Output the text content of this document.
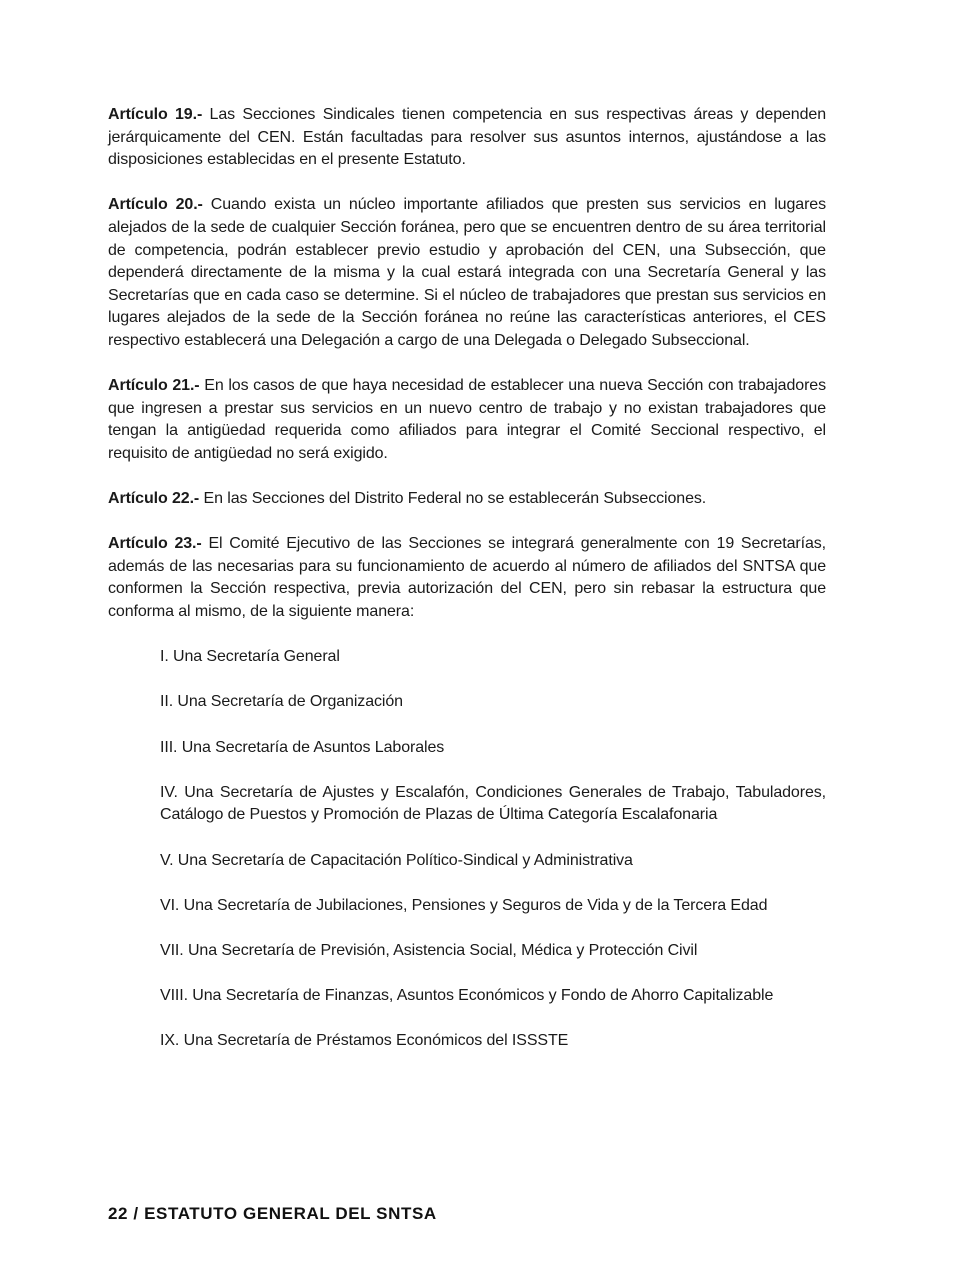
Artículo 19.- Las Secciones Sindicales tienen competencia en sus respectivas áreas y dependen jerárquicamente del CEN. Están facultadas para resolver sus asuntos internos, ajustándose a las disposiciones establecidas en el presente Estatuto.

Artículo 20.- Cuando exista un núcleo importante afiliados que presten sus servicios en lugares alejados de la sede de cualquier Sección foránea, pero que se encuentren dentro de su área territorial de competencia, podrán establecer previo estudio y aprobación del CEN, una Subsección, que dependerá directamente de la misma y la cual estará integrada con una Secretaría General y las Secretarías que en cada caso se determine. Si el núcleo de trabajadores que prestan sus servicios en lugares alejados de la sede de la Sección foránea no reúne las características anteriores, el CES respectivo establecerá una Delegación a cargo de una Delegada o Delegado Subseccional.

Artículo 21.- En los casos de que haya necesidad de establecer una nueva Sección con trabajadores que ingresen a prestar sus servicios en un nuevo centro de trabajo y no existan trabajadores que tengan la antigüedad requerida como afiliados para integrar el Comité Seccional respectivo, el requisito de antigüedad no será exigido.

Artículo 22.- En las Secciones del Distrito Federal no se establecerán Subsecciones.

Artículo 23.- El Comité Ejecutivo de las Secciones se integrará generalmente con 19 Secretarías, además de las necesarias para su funcionamiento de acuerdo al número de afiliados del SNTSA que conformen la Sección respectiva, previa autorización del CEN, pero sin rebasar la estructura que conforma al mismo, de la siguiente manera:

I. Una Secretaría General

II. Una Secretaría de Organización

III. Una Secretaría de Asuntos Laborales

IV. Una Secretaría de Ajustes y Escalafón, Condiciones Generales de Trabajo, Tabuladores, Catálogo de Puestos y Promoción de Plazas de Última Categoría Escalafonaria

V. Una Secretaría de Capacitación Político-Sindical y Administrativa

VI. Una Secretaría de Jubilaciones, Pensiones y Seguros de Vida y de la Tercera Edad

VII. Una Secretaría de Previsión, Asistencia Social, Médica y Protección Civil

VIII. Una Secretaría de Finanzas, Asuntos Económicos y Fondo de Ahorro Capitalizable

IX. Una Secretaría de Préstamos Económicos del ISSSTE

22 / ESTATUTO GENERAL DEL SNTSA
